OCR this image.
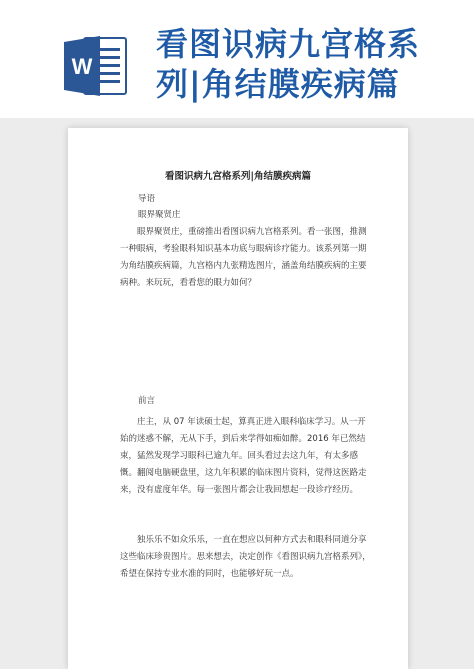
W
看图识病九宫格系
列|角结膜疾病篇
看图识病九宫格系列|角结膜疾病篇
导语
眼界聚贤庄
眼界聚贤庄，重磅推出看图识病九宫格系列。看一张图，推测一种眼病，考验眼科知识基本功底与眼病诊疗能力。该系列第一期为角结膜疾病篇，九宫格内九张精选图片，涵盖角结膜疾病的主要病种。来玩玩，看看您的眼力如何？
前言
庄主，从 07 年读硕士起，算真正进入眼科临床学习。从一开始的迷惑不解，无从下手，到后来学得如痴如醉。2016 年已然结束，猛然发现学习眼科已逾九年。回头看过去这九年，有太多感慨。翻阅电脑硬盘里，这九年积累的临床图片资料，觉得这医路走来，没有虚度年华。每一张图片都会让我回想起一段诊疗经历。
独乐乐不如众乐乐，一直在想应以何种方式去和眼科同道分享这些临床珍贵图片。思来想去，决定创作《看图识病九宫格系列》，希望在保持专业水准的同时，也能够好玩一点。
